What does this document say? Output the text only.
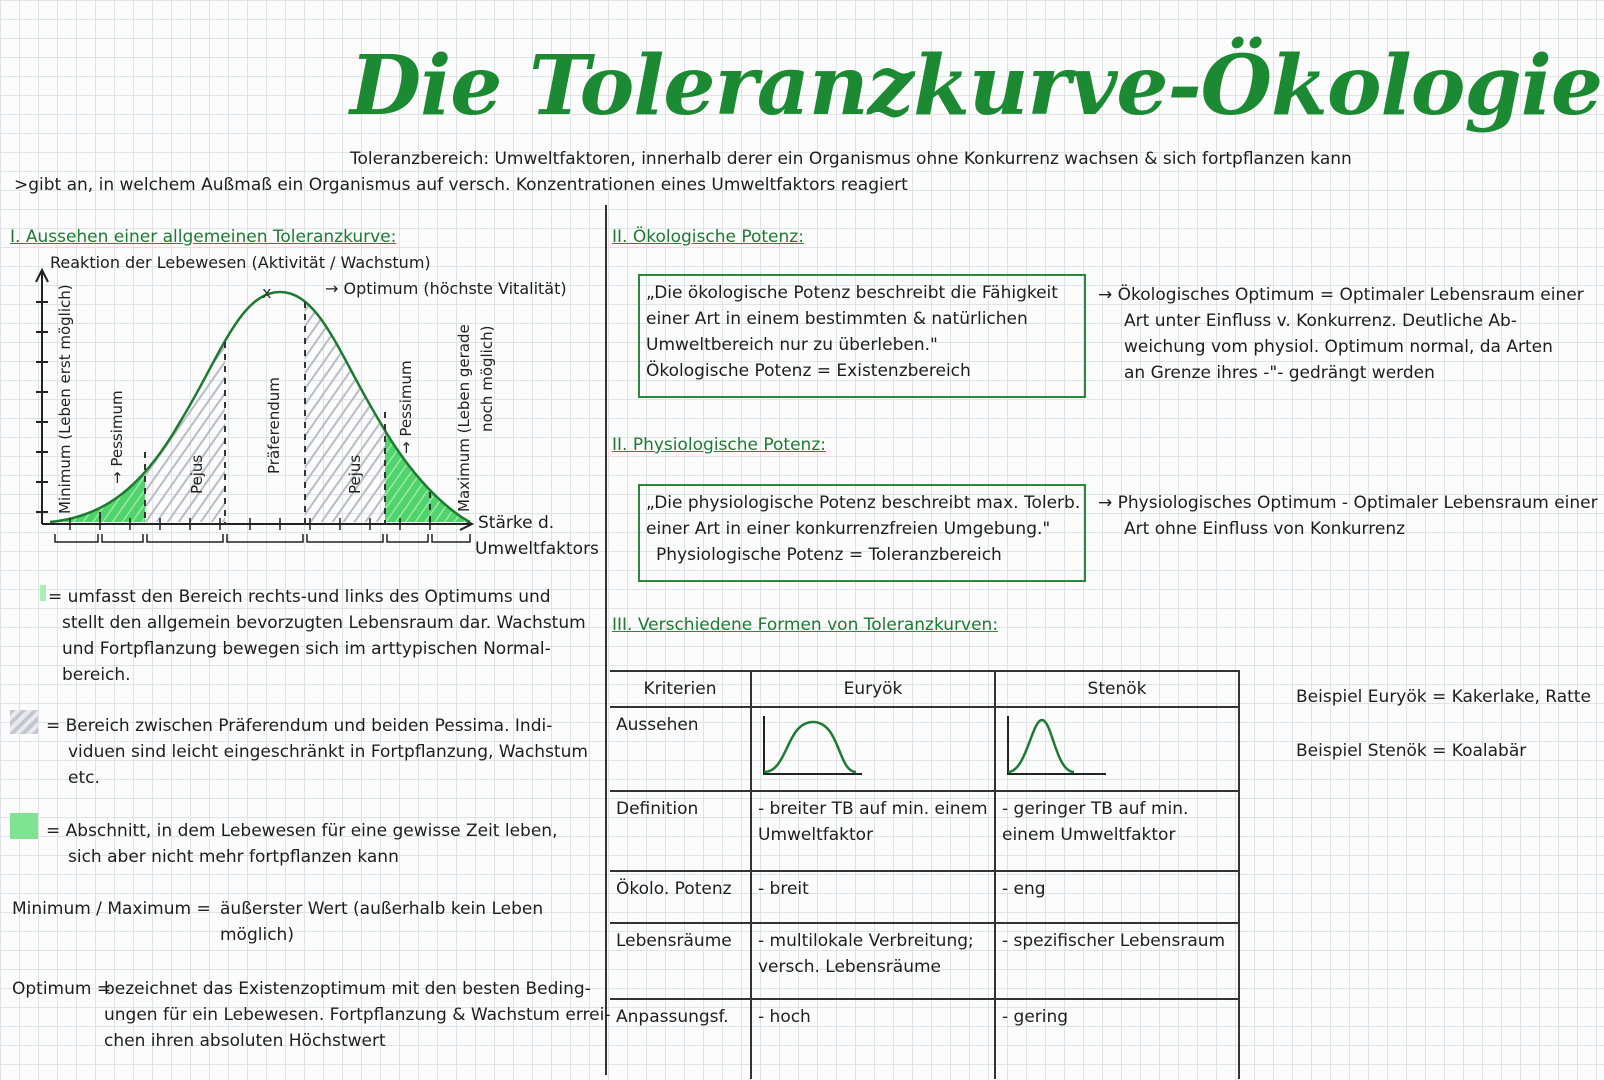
Die Toleranzkurve-Ökologie
Toleranzbereich: Umweltfaktoren, innerhalb derer ein Organismus ohne Konkurrenz wachsen & sich fortpflanzen kann
>gibt an, in welchem Außmaß ein Organismus auf versch. Konzentrationen eines Umweltfaktors reagiert
I. Aussehen einer allgemeinen Toleranzkurve:
Reaktion der Lebewesen (Aktivität / Wachstum)
→ Optimum (höchste Vitalität)
x
Minimum (Leben erst möglich) → Pessimum	Pejus
Präferendum
Pejus
→ Pessimum	Maximum (Leben gerade noch möglich)
Stärke d.
Umweltfaktors
= umfasst den Bereich rechts-und links des Optimums und
stellt den allgemein bevorzugten Lebensraum dar. Wachstum
und Fortpflanzung bewegen sich im arttypischen Normal-
bereich.
= Bereich zwischen Präferendum und beiden Pessima. Indi-
viduen sind leicht eingeschränkt in Fortpflanzung, Wachstum
etc.
= Abschnitt, in dem Lebewesen für eine gewisse Zeit leben,
sich aber nicht mehr fortpflanzen kann
Minimum / Maximum = äußerster Wert (außerhalb kein Leben
möglich)
Optimum =
bezeichnet das Existenzoptimum mit den besten Beding-
ungen für ein Lebewesen. Fortpflanzung & Wachstum errei-
chen ihren absoluten Höchstwert
II. Ökologische Potenz:
„Die ökologische Potenz beschreibt die Fähigkeit
einer Art in einem bestimmten & natürlichen
Umweltbereich nur zu überleben."
Ökologische Potenz = Existenzbereich
→ Ökologisches Optimum = Optimaler Lebensraum einer
Art unter Einfluss v. Konkurrenz. Deutliche Ab-
weichung vom physiol. Optimum normal, da Arten
an Grenze ihres -"- gedrängt werden
II. Physiologische Potenz:
„Die physiologische Potenz beschreibt max. Tolerb.
einer Art in einer konkurrenzfreien Umgebung."
Physiologische Potenz = Toleranzbereich
→ Physiologisches Optimum - Optimaler Lebensraum einer
Art ohne Einfluss von Konkurrenz
III. Verschiedene Formen von Toleranzkurven:
Kriterien	Euryök	Stenök
Aussehen		
Definition	- breiter TB auf min. einem Umweltfaktor	- geringer TB auf min. einem Umweltfaktor
Ökolo. Potenz	- breit	- eng
Lebensräume	- multilokale Verbreitung; versch. Lebensräume	- spezifischer Lebensraum
Anpassungsf.	- hoch	- gering
Beispiel Euryök = Kakerlake, Ratte
Beispiel Stenök = Koalabär
